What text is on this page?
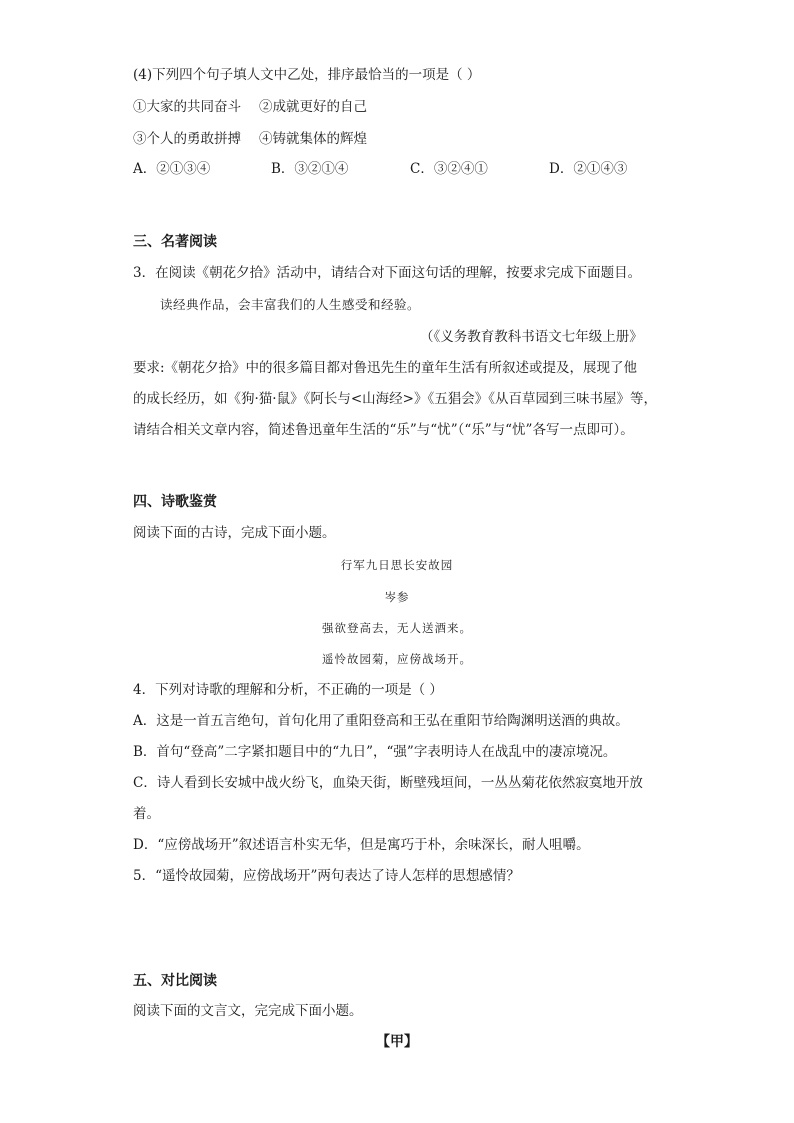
(4)下列四个句子填人文中乙处，排序最恰当的一项是（ ）
①大家的共同奋斗 ②成就更好的自己
③个人的勇敢拼搏 ④铸就集体的辉煌
A．②①③④	B．③②①④	C．③②④①	D．②①④③
三、名著阅读
3．在阅读《朝花夕拾》活动中，请结合对下面这句话的理解，按要求完成下面题目。
读经典作品，会丰富我们的人生感受和经验。
（《义务教育教科书语文七年级上册》
要求:《朝花夕拾》中的很多篇目都对鲁迅先生的童年生活有所叙述或提及，展现了他
的成长经历，如《狗·猫·鼠》《阿长与<山海经>》《五猖会》《从百草园到三味书屋》等，
请结合相关文章内容，简述鲁迅童年生活的“乐”与“忧”（“乐”与“忧”各写一点即可）。
四、诗歌鉴赏
阅读下面的古诗，完成下面小题。
行军九日思长安故园
岑参
强欲登高去，无人送酒来。
遥怜故园菊，应傍战场开。
4．下列对诗歌的理解和分析，不正确的一项是（ ）
A．这是一首五言绝句，首句化用了重阳登高和王弘在重阳节给陶渊明送酒的典故。
B．首句“登高”二字紧扣题目中的“九日”，“强”字表明诗人在战乱中的凄凉境况。
C．诗人看到长安城中战火纷飞，血染天街，断壁残垣间，一丛丛菊花依然寂寞地开放
着。
D．“应傍战场开”叙述语言朴实无华，但是寓巧于朴，余味深长，耐人咀嚼。
5．“遥怜故园菊，应傍战场开”两句表达了诗人怎样的思想感情？
五、对比阅读
阅读下面的文言文，完完成下面小题。
【甲】
